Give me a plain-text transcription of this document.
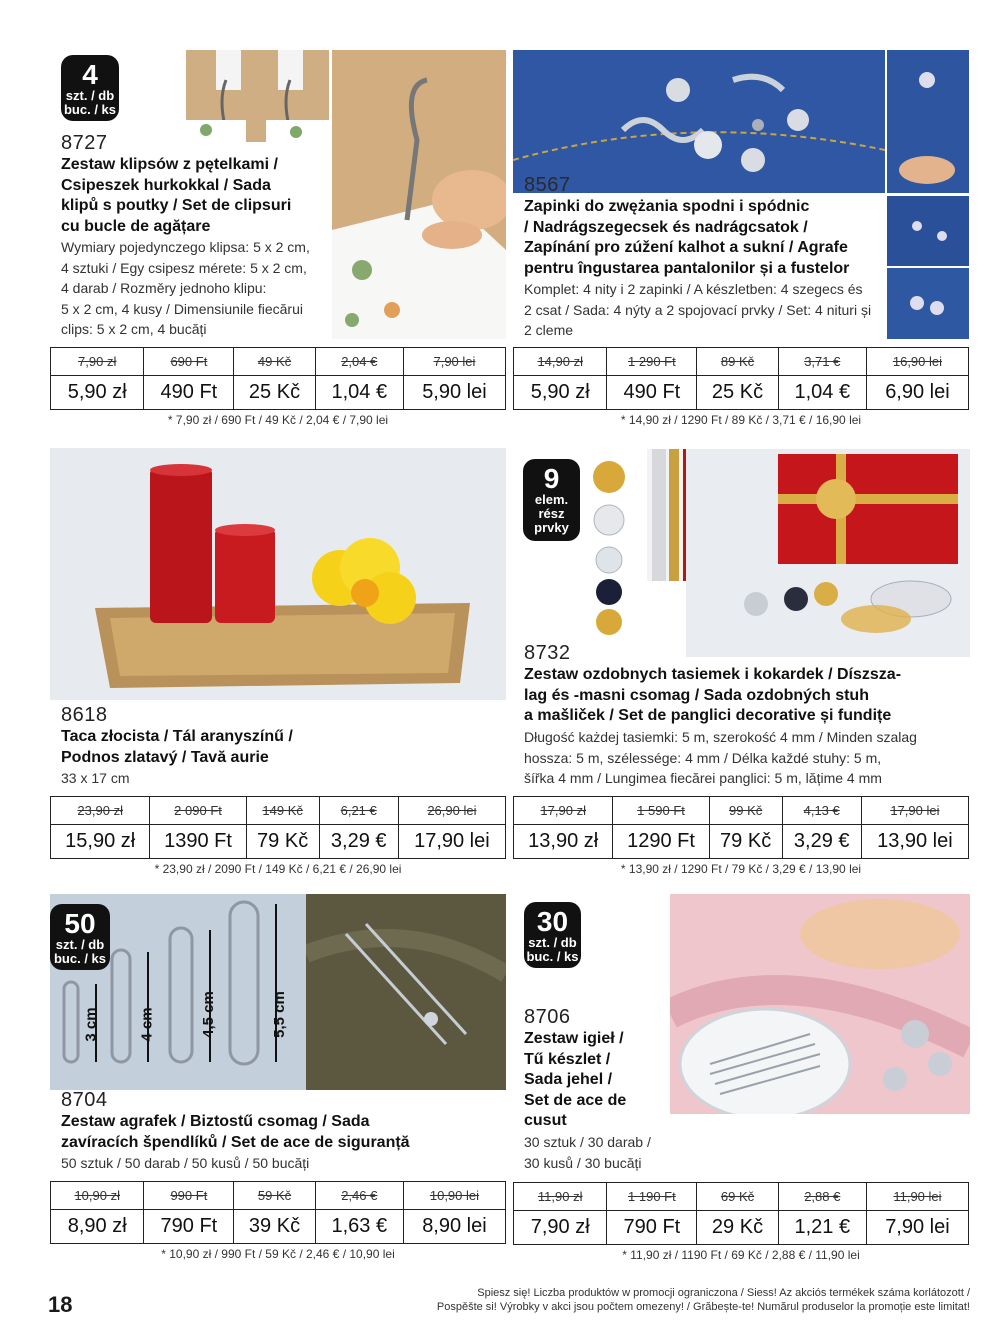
4
szt. / db
buc. / ks
8727
Zestaw klipsów z pętelkami /
Csipeszek hurkokkal / Sada
klipů s poutky / Set de clipsuri
cu bucle de agățare
Wymiary pojedynczego klipsa: 5 x 2 cm,
4 sztuki / Egy csipesz mérete: 5 x 2 cm,
4 darab / Rozměry jednoho klipu:
5 x 2 cm, 4 kusy / Dimensiunile fiecărui
clips: 5 x 2 cm, 4 bucăți
7,90 zł	690 Ft	49 Kč	2,04 €	7,90 lei
5,90 zł	490 Ft	25 Kč	1,04 €	5,90 lei
* 7,90 zł / 690 Ft / 49 Kč / 2,04 € / 7,90 lei
8567
Zapinki do zwężania spodni i spódnic
/ Nadrágszegecsek és nadrágcsatok /
Zapínání pro zúžení kalhot a sukní / Agrafe
pentru îngustarea pantalonilor și a fustelor
Komplet: 4 nity i 2 zapinki / A készletben: 4 szegecs és
2 csat / Sada: 4 nýty a 2 spojovací prvky / Set: 4 nituri și
2 cleme
14,90 zł	1 290 Ft	89 Kč	3,71 €	16,90 lei
5,90 zł	490 Ft	25 Kč	1,04 €	6,90 lei
* 14,90 zł / 1290 Ft / 89 Kč / 3,71 € / 16,90 lei
8618
Taca złocista / Tál aranyszínű /
Podnos zlatavý / Tavă aurie
33 x 17 cm
23,90 zł	2 090 Ft	149 Kč	6,21 €	26,90 lei
15,90 zł	1390 Ft	79 Kč	3,29 €	17,90 lei
* 23,90 zł / 2090 Ft / 149 Kč / 6,21 € / 26,90 lei
9
elem.
rész
prvky
8732
Zestaw ozdobnych tasiemek i kokardek / Díszsza-
lag és -masni csomag / Sada ozdobných stuh
a mašliček / Set de panglici decorative și fundițe
Długość każdej tasiemki: 5 m, szerokość 4 mm / Minden szalag
hossza: 5 m, szélessége: 4 mm / Délka každé stuhy: 5 m,
šířka 4 mm / Lungimea fiecărei panglici: 5 m, lățime 4 mm
17,90 zł	1 590 Ft	99 Kč	4,13 €	17,90 lei
13,90 zł	1290 Ft	79 Kč	3,29 €	13,90 lei
* 13,90 zł / 1290 Ft / 79 Kč / 3,29 € / 13,90 lei
3 cm	4 cm	4,5 cm	5,5 cm
50
szt. / db
buc. / ks
8704
Zestaw agrafek / Biztostű csomag / Sada
zavíracích špendlíků / Set de ace de siguranță
50 sztuk / 50 darab / 50 kusů / 50 bucăți
10,90 zł	990 Ft	59 Kč	2,46 €	10,90 lei
8,90 zł	790 Ft	39 Kč	1,63 €	8,90 lei
* 10,90 zł / 990 Ft / 59 Kč / 2,46 € / 10,90 lei
30
szt. / db
buc. / ks
8706
Zestaw igieł /
Tű készlet /
Sada jehel /
Set de ace de
cusut
30 sztuk / 30 darab /
30 kusů / 30 bucăți
11,90 zł	1 190 Ft	69 Kč	2,88 €	11,90 lei
7,90 zł	790 Ft	29 Kč	1,21 €	7,90 lei
* 11,90 zł / 1190 Ft / 69 Kč / 2,88 € / 11,90 lei
18	Spiesz się! Liczba produktów w promocji ograniczona / Siess! Az akciós termékek száma korlátozott /
Pospěšte si! Výrobky v akci jsou počtem omezeny! / Grăbește-te! Numărul produselor la promoție este limitat!
